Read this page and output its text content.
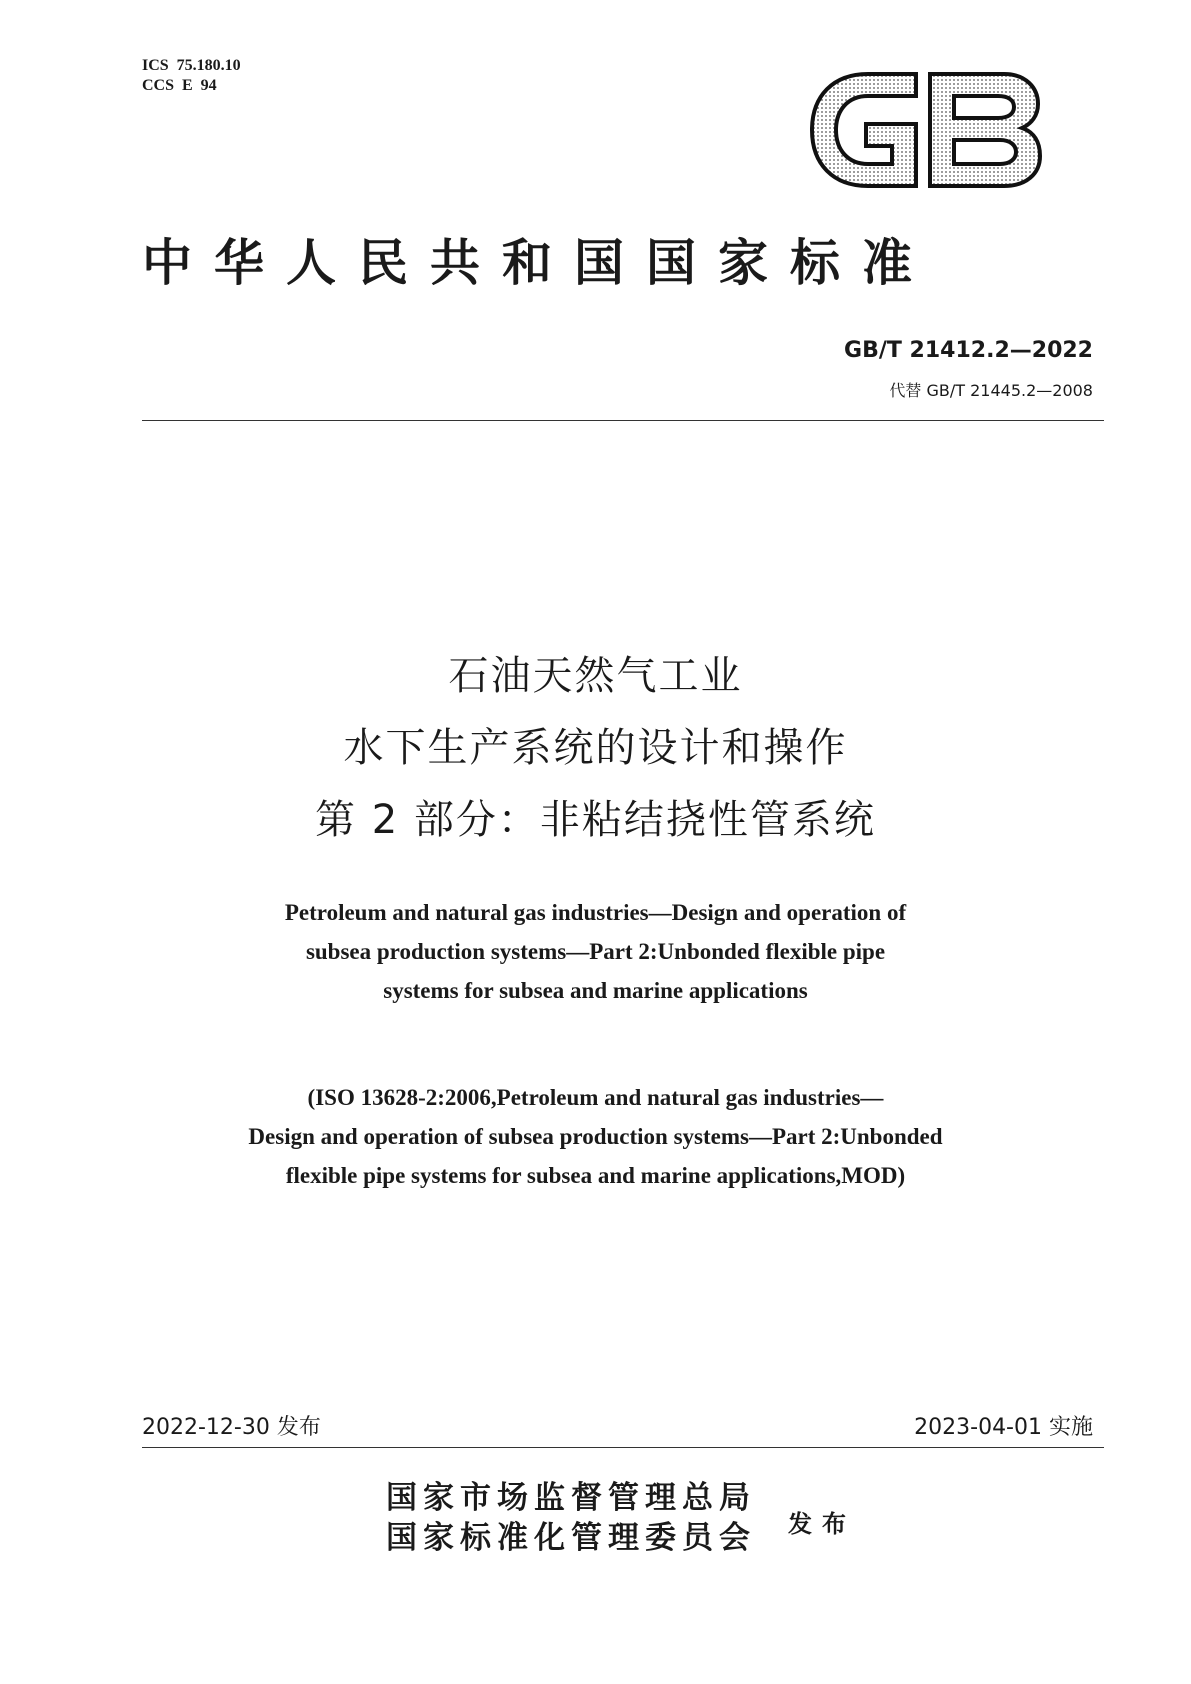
ICS  75.180.10
CCS  E  94
中华人民共和国国家标准
GB/T 21412.2—2022
代替 GB/T 21445.2—2008
石油天然气工业
水下生产系统的设计和操作
第 2 部分：非粘结挠性管系统
Petroleum and natural gas industries—Design and operation of
subsea production systems—Part 2:Unbonded flexible pipe
systems for subsea and marine applications
(ISO 13628-2:2006,Petroleum and natural gas industries—
Design and operation of subsea production systems—Part 2:Unbonded
flexible pipe systems for subsea and marine applications,MOD)
2022-12-30 发布	2023-04-01 实施
国家市场监督管理总局
国家标准化管理委员会 发布
